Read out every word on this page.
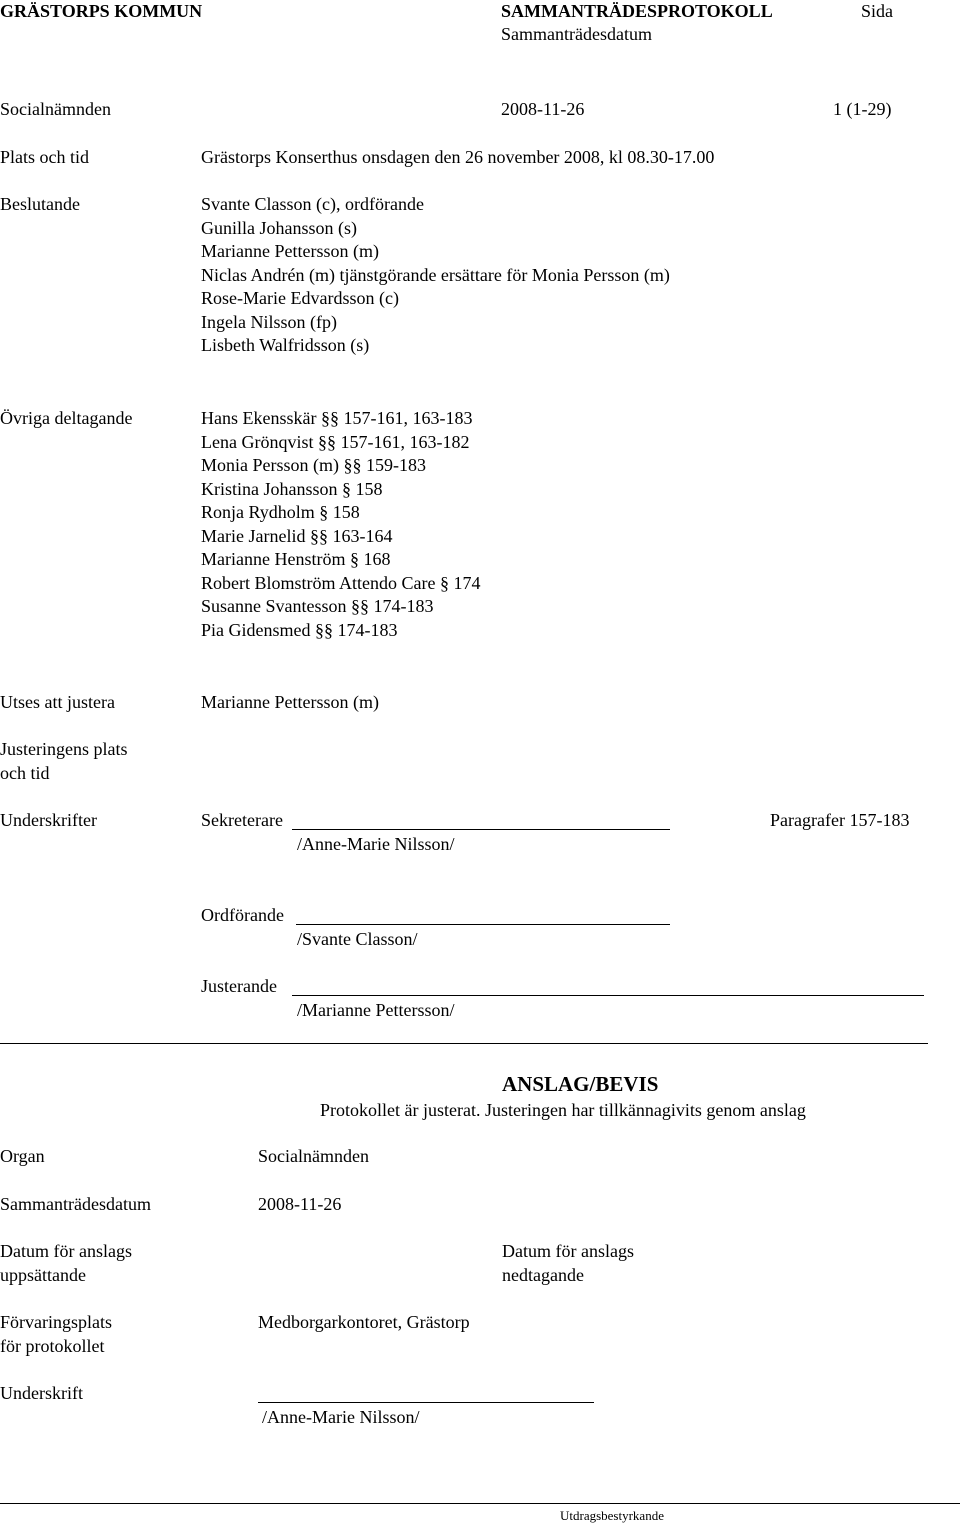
GRÄSTORPS KOMMUN	SAMMANTRÄDESPROTOKOLL	Sida
Sammanträdesdatum
Socialnämnden	2008-11-26	1 (1-29)
Plats och tid	Grästorps Konserthus onsdagen den 26 november 2008, kl 08.30-17.00
Beslutande	Svante Classon (c), ordförande
Gunilla Johansson (s)
Marianne Pettersson (m)
Niclas Andrén (m) tjänstgörande ersättare för Monia Persson (m)
Rose-Marie Edvardsson (c)
Ingela Nilsson (fp)
Lisbeth Walfridsson (s)
Övriga deltagande	Hans Ekensskär §§ 157-161, 163-183
Lena Grönqvist §§ 157-161, 163-182
Monia Persson (m) §§ 159-183
Kristina Johansson § 158
Ronja Rydholm § 158
Marie Jarnelid §§ 163-164
Marianne Henström § 168
Robert Blomström Attendo Care § 174
Susanne Svantesson §§ 174-183
Pia Gidensmed §§ 174-183
Utses att justera	Marianne Pettersson (m)
Justeringens plats
och tid
Underskrifter	Sekreterare	Paragrafer 157-183
/Anne-Marie Nilsson/
Ordförande
/Svante Classon/
Justerande
/Marianne Pettersson/
ANSLAG/BEVIS
Protokollet är justerat. Justeringen har tillkännagivits genom anslag
Organ	Socialnämnden
Sammanträdesdatum	2008-11-26
Datum för anslags
uppsättande
Datum för anslags
nedtagande
Förvaringsplats
för protokollet
Medborgarkontoret, Grästorp
Underskrift
/Anne-Marie Nilsson/
Utdragsbestyrkande
